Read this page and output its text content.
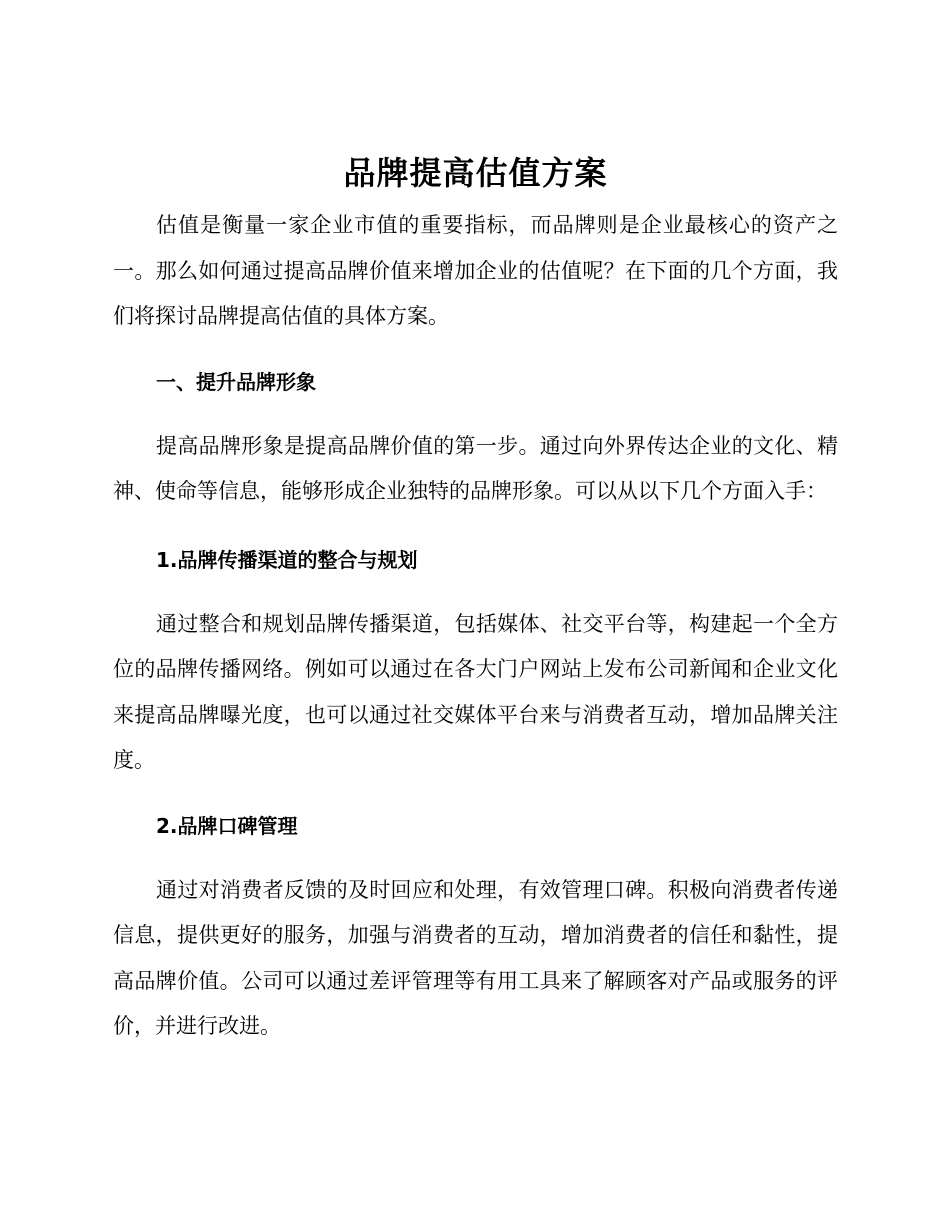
品牌提高估值方案

估值是衡量一家企业市值的重要指标，而品牌则是企业最核心的资产之一。那么如何通过提高品牌价值来增加企业的估值呢？在下面的几个方面，我们将探讨品牌提高估值的具体方案。

一、提升品牌形象

提高品牌形象是提高品牌价值的第一步。通过向外界传达企业的文化、精神、使命等信息，能够形成企业独特的品牌形象。可以从以下几个方面入手：

1.品牌传播渠道的整合与规划

通过整合和规划品牌传播渠道，包括媒体、社交平台等，构建起一个全方位的品牌传播网络。例如可以通过在各大门户网站上发布公司新闻和企业文化来提高品牌曝光度，也可以通过社交媒体平台来与消费者互动，增加品牌关注度。

2.品牌口碑管理

通过对消费者反馈的及时回应和处理，有效管理口碑。积极向消费者传递信息，提供更好的服务，加强与消费者的互动，增加消费者的信任和黏性，提高品牌价值。公司可以通过差评管理等有用工具来了解顾客对产品或服务的评价，并进行改进。
